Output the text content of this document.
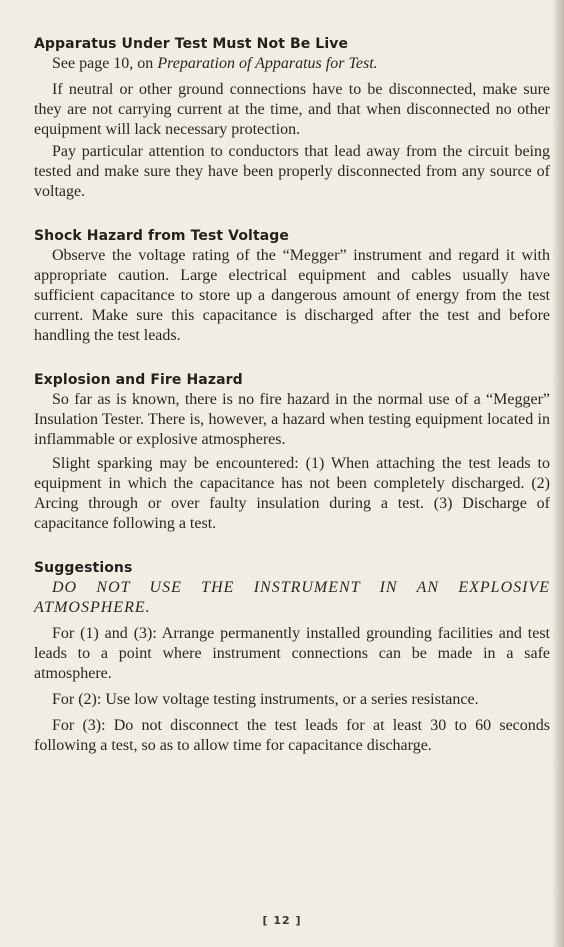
Apparatus Under Test Must Not Be Live

See page 10, on Preparation of Apparatus for Test.

If neutral or other ground connections have to be disconnected, make sure they are not carrying current at the time, and that when disconnected no other equipment will lack necessary protection.

Pay particular attention to conductors that lead away from the circuit being tested and make sure they have been properly disconnected from any source of voltage.

Shock Hazard from Test Voltage

Observe the voltage rating of the “Megger” instrument and regard it with appropriate caution. Large electrical equipment and cables usually have sufficient capacitance to store up a dangerous amount of energy from the test current. Make sure this capacitance is discharged after the test and before handling the test leads.

Explosion and Fire Hazard

So far as is known, there is no fire hazard in the normal use of a “Megger” Insulation Tester. There is, however, a hazard when testing equipment located in inflammable or explosive atmospheres.

Slight sparking may be encountered: (1) When attaching the test leads to equipment in which the capacitance has not been completely discharged. (2) Arcing through or over faulty insulation during a test. (3) Discharge of capacitance following a test.

Suggestions

DO NOT USE THE INSTRUMENT IN AN EXPLOSIVE ATMOSPHERE.

For (1) and (3): Arrange permanently installed grounding facilities and test leads to a point where instrument connections can be made in a safe atmosphere.

For (2): Use low voltage testing instruments, or a series resistance.

For (3): Do not disconnect the test leads for at least 30 to 60 seconds following a test, so as to allow time for capacitance discharge.

[ 12 ]
